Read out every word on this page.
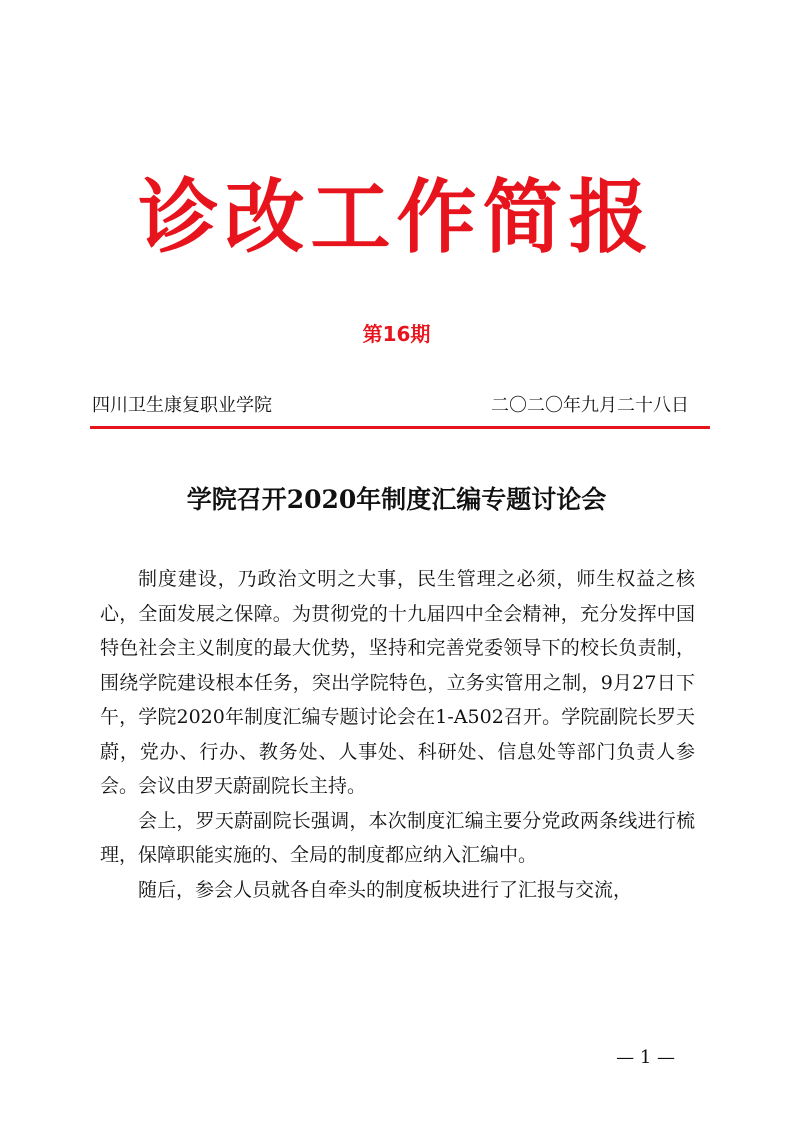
诊改工作简报
第16期
四川卫生康复职业学院	二〇二〇年九月二十八日
学院召开2020年制度汇编专题讨论会

制度建设，乃政治文明之大事，民生管理之必须，师生权益之核心，全面发展之保障。为贯彻党的十九届四中全会精神，充分发挥中国特色社会主义制度的最大优势，坚持和完善党委领导下的校长负责制，围绕学院建设根本任务，突出学院特色，立务实管用之制，9月27日下午，学院2020年制度汇编专题讨论会在1-A502召开。学院副院长罗天蔚，党办、行办、教务处、人事处、科研处、信息处等部门负责人参会。会议由罗天蔚副院长主持。

会上，罗天蔚副院长强调，本次制度汇编主要分党政两条线进行梳理，保障职能实施的、全局的制度都应纳入汇编中。

随后，参会人员就各自牵头的制度板块进行了汇报与交流，

— 1 —
